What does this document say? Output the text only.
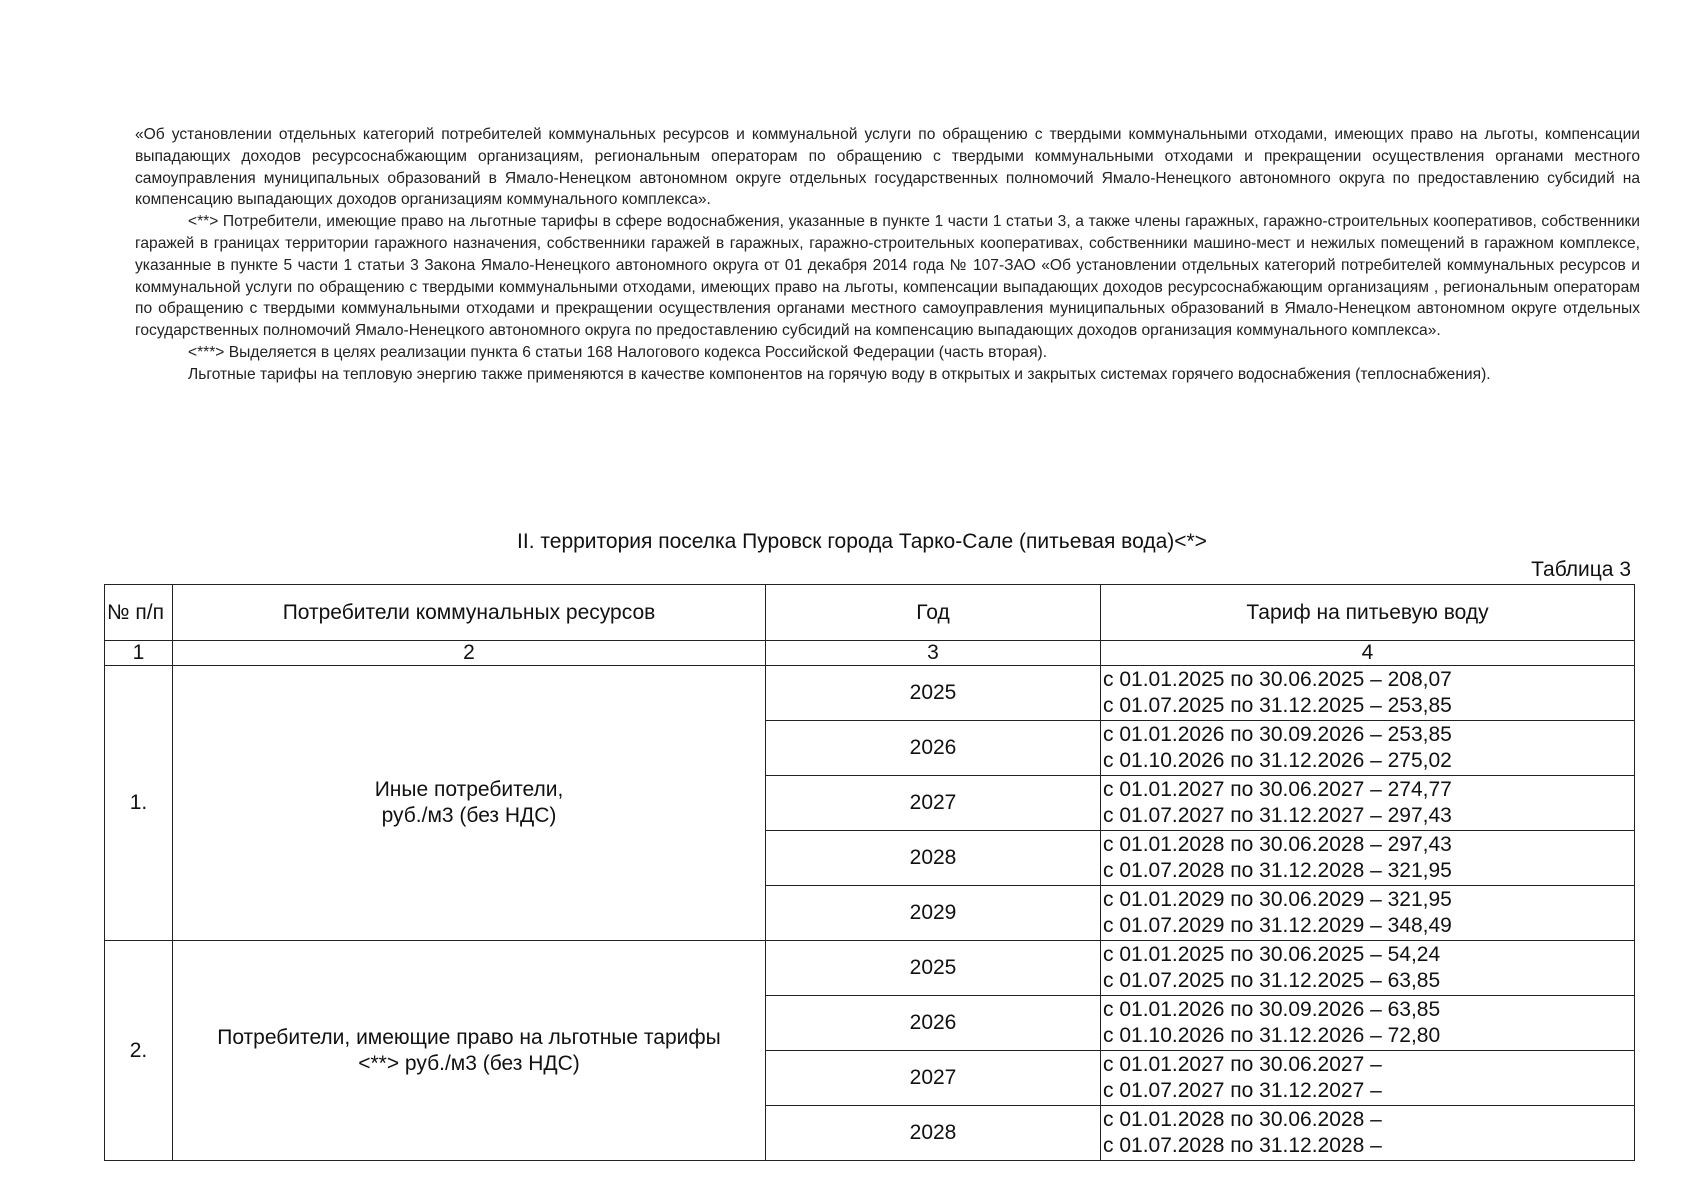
«Об установлении отдельных категорий потребителей коммунальных ресурсов и коммунальной услуги по обращению с твердыми коммунальными отходами, имеющих право на льготы, компенсации выпадающих доходов ресурсоснабжающим организациям, региональным операторам по обращению с твердыми коммунальными отходами и прекращении осуществления органами местного самоуправления муниципальных образований в Ямало-Ненецком автономном округе отдельных государственных полномочий Ямало-Ненецкого автономного округа по предоставлению субсидий на компенсацию выпадающих доходов организациям коммунального комплекса».

<**> Потребители, имеющие право на льготные тарифы в сфере водоснабжения, указанные в пункте 1 части 1 статьи 3, а также члены гаражных, гаражно-строительных кооперативов, собственники гаражей в границах территории гаражного назначения, собственники гаражей в гаражных, гаражно-строительных кооперативах, собственники машино-мест и нежилых помещений в гаражном комплексе, указанные в пункте 5 части 1 статьи 3 Закона Ямало-Ненецкого автономного округа от 01 декабря 2014 года № 107-ЗАО «Об установлении отдельных категорий потребителей коммунальных ресурсов и коммунальной услуги по обращению с твердыми коммунальными отходами, имеющих право на льготы, компенсации выпадающих доходов ресурсоснабжающим организациям , региональным операторам по обращению с твердыми коммунальными отходами и прекращении осуществления органами местного самоуправления муниципальных образований в Ямало-Ненецком автономном округе отдельных государственных полномочий Ямало-Ненецкого автономного округа по предоставлению субсидий на компенсацию выпадающих доходов организация коммунального комплекса».

<***> Выделяется в целях реализации пункта 6 статьи 168 Налогового кодекса Российской Федерации (часть вторая).

Льготные тарифы на тепловую энергию также применяются в качестве компонентов на горячую воду в открытых и закрытых системах горячего водоснабжения (теплоснабжения).

II. территория поселка Пуровск города Тарко-Сале (питьевая вода)<*>
Таблица 3
№ п/п	Потребители коммунальных ресурсов	Год	Тариф на питьевую воду
1	2	3	4
1.	Иные потребители,
руб./м3 (без НДС)	2025	с 01.01.2025 по 30.06.2025 – 208,07
с 01.07.2025 по 31.12.2025 – 253,85

		2026	с 01.01.2026 по 30.09.2026 – 253,85
с 01.10.2026 по 31.12.2026 – 275,02

		2027	с 01.01.2027 по 30.06.2027 – 274,77
с 01.07.2027 по 31.12.2027 – 297,43

		2028	с 01.01.2028 по 30.06.2028 – 297,43
с 01.07.2028 по 31.12.2028 – 321,95

		2029	с 01.01.2029 по 30.06.2029 – 321,95
с 01.07.2029 по 31.12.2029 – 348,49

2.	Потребители, имеющие право на льготные тарифы
<**> руб./м3 (без НДС)	2025	с 01.01.2025 по 30.06.2025 – 54,24
с 01.07.2025 по 31.12.2025 – 63,85

		2026	с 01.01.2026 по 30.09.2026 – 63,85
с 01.10.2026 по 31.12.2026 – 72,80

		2027	с 01.01.2027 по 30.06.2027 –
с 01.07.2027 по 31.12.2027 –

		2028	с 01.01.2028 по 30.06.2028 –
с 01.07.2028 по 31.12.2028 –
